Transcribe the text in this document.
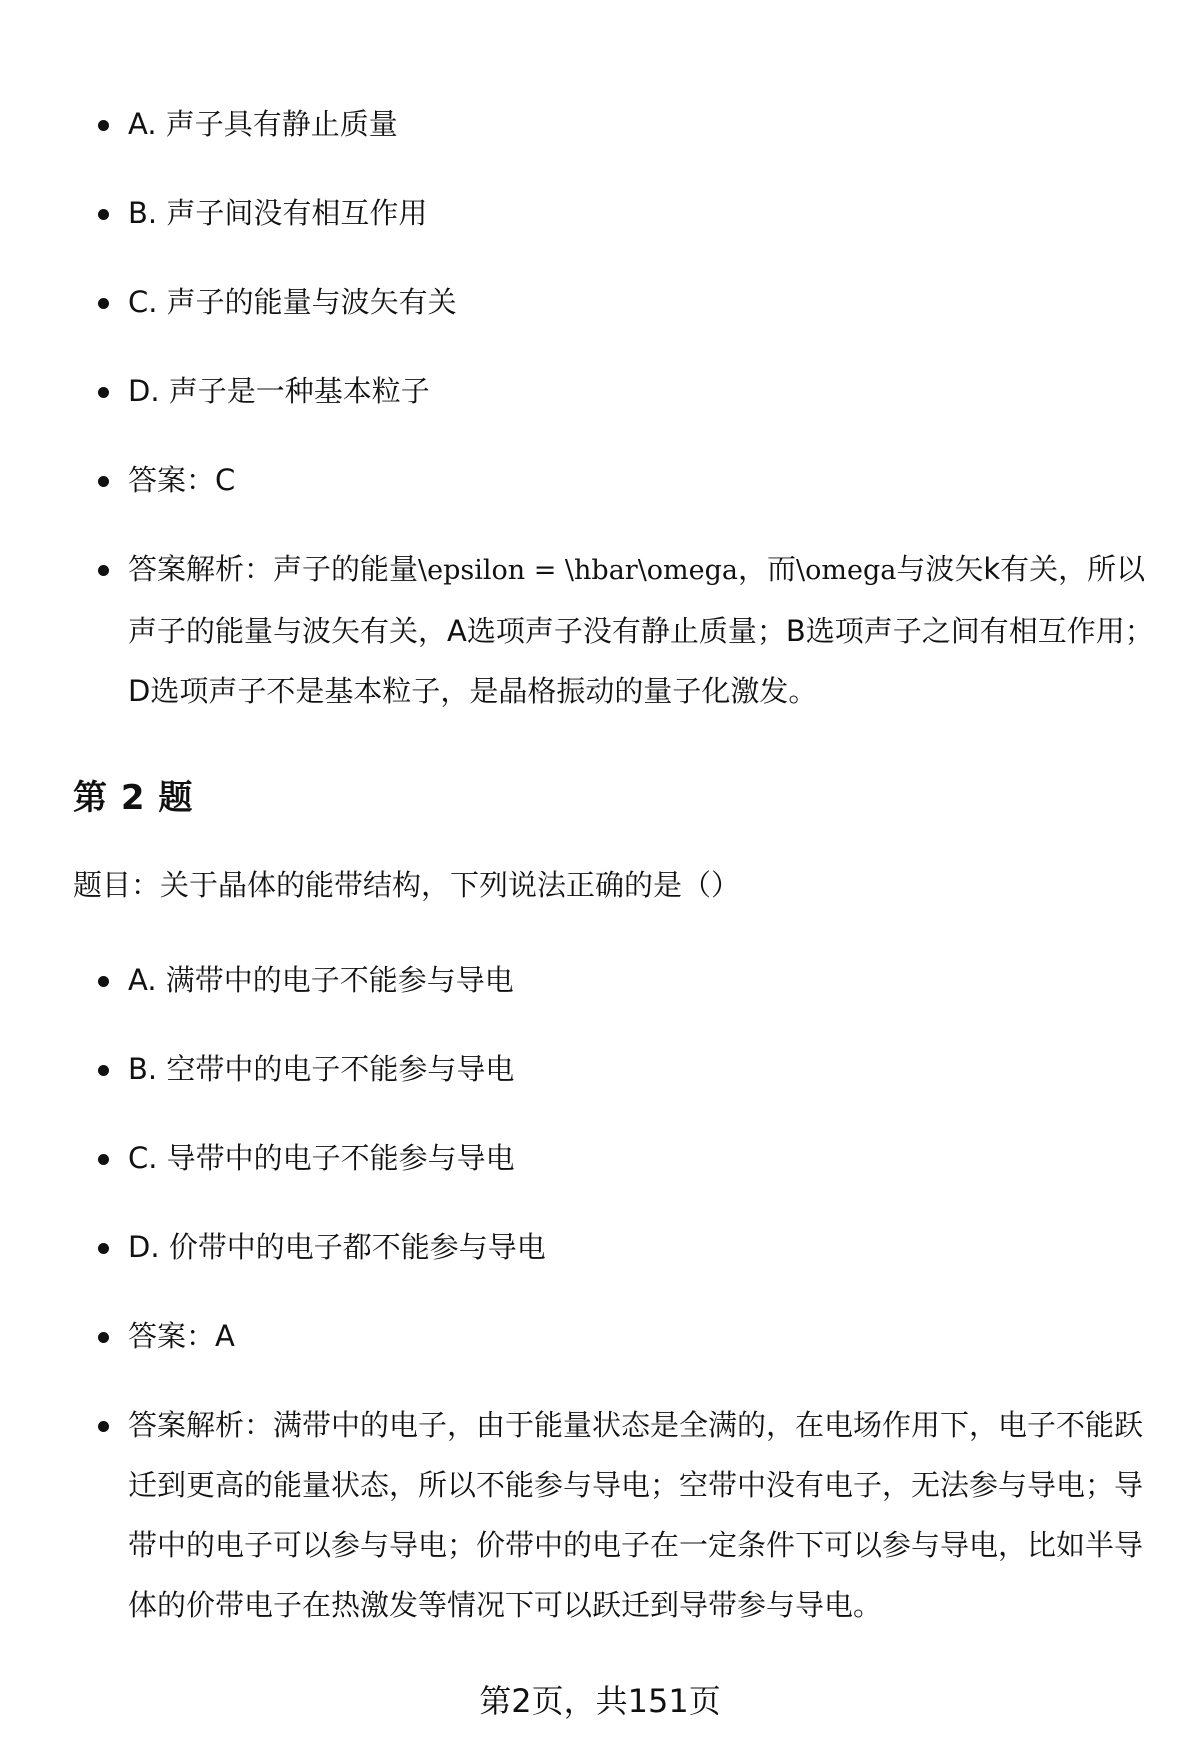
A. 声子具有静止质量
B. 声子间没有相互作用
C. 声子的能量与波矢有关
D. 声子是一种基本粒子
答案：C
答案解析：声子的能量\epsilon = \hbar\omega，而\omega与波矢k有关，所以声子的能量与波矢有关，A选项声子没有静止质量；B选项声子之间有相互作用；D选项声子不是基本粒子，是晶格振动的量子化激发。
第 2 题
题目：关于晶体的能带结构，下列说法正确的是（）
A. 满带中的电子不能参与导电
B. 空带中的电子不能参与导电
C. 导带中的电子不能参与导电
D. 价带中的电子都不能参与导电
答案：A
答案解析：满带中的电子，由于能量状态是全满的，在电场作用下，电子不能跃迁到更高的能量状态，所以不能参与导电；空带中没有电子，无法参与导电；导带中的电子可以参与导电；价带中的电子在一定条件下可以参与导电，比如半导体的价带电子在热激发等情况下可以跃迁到导带参与导电。
第2页，共151页
